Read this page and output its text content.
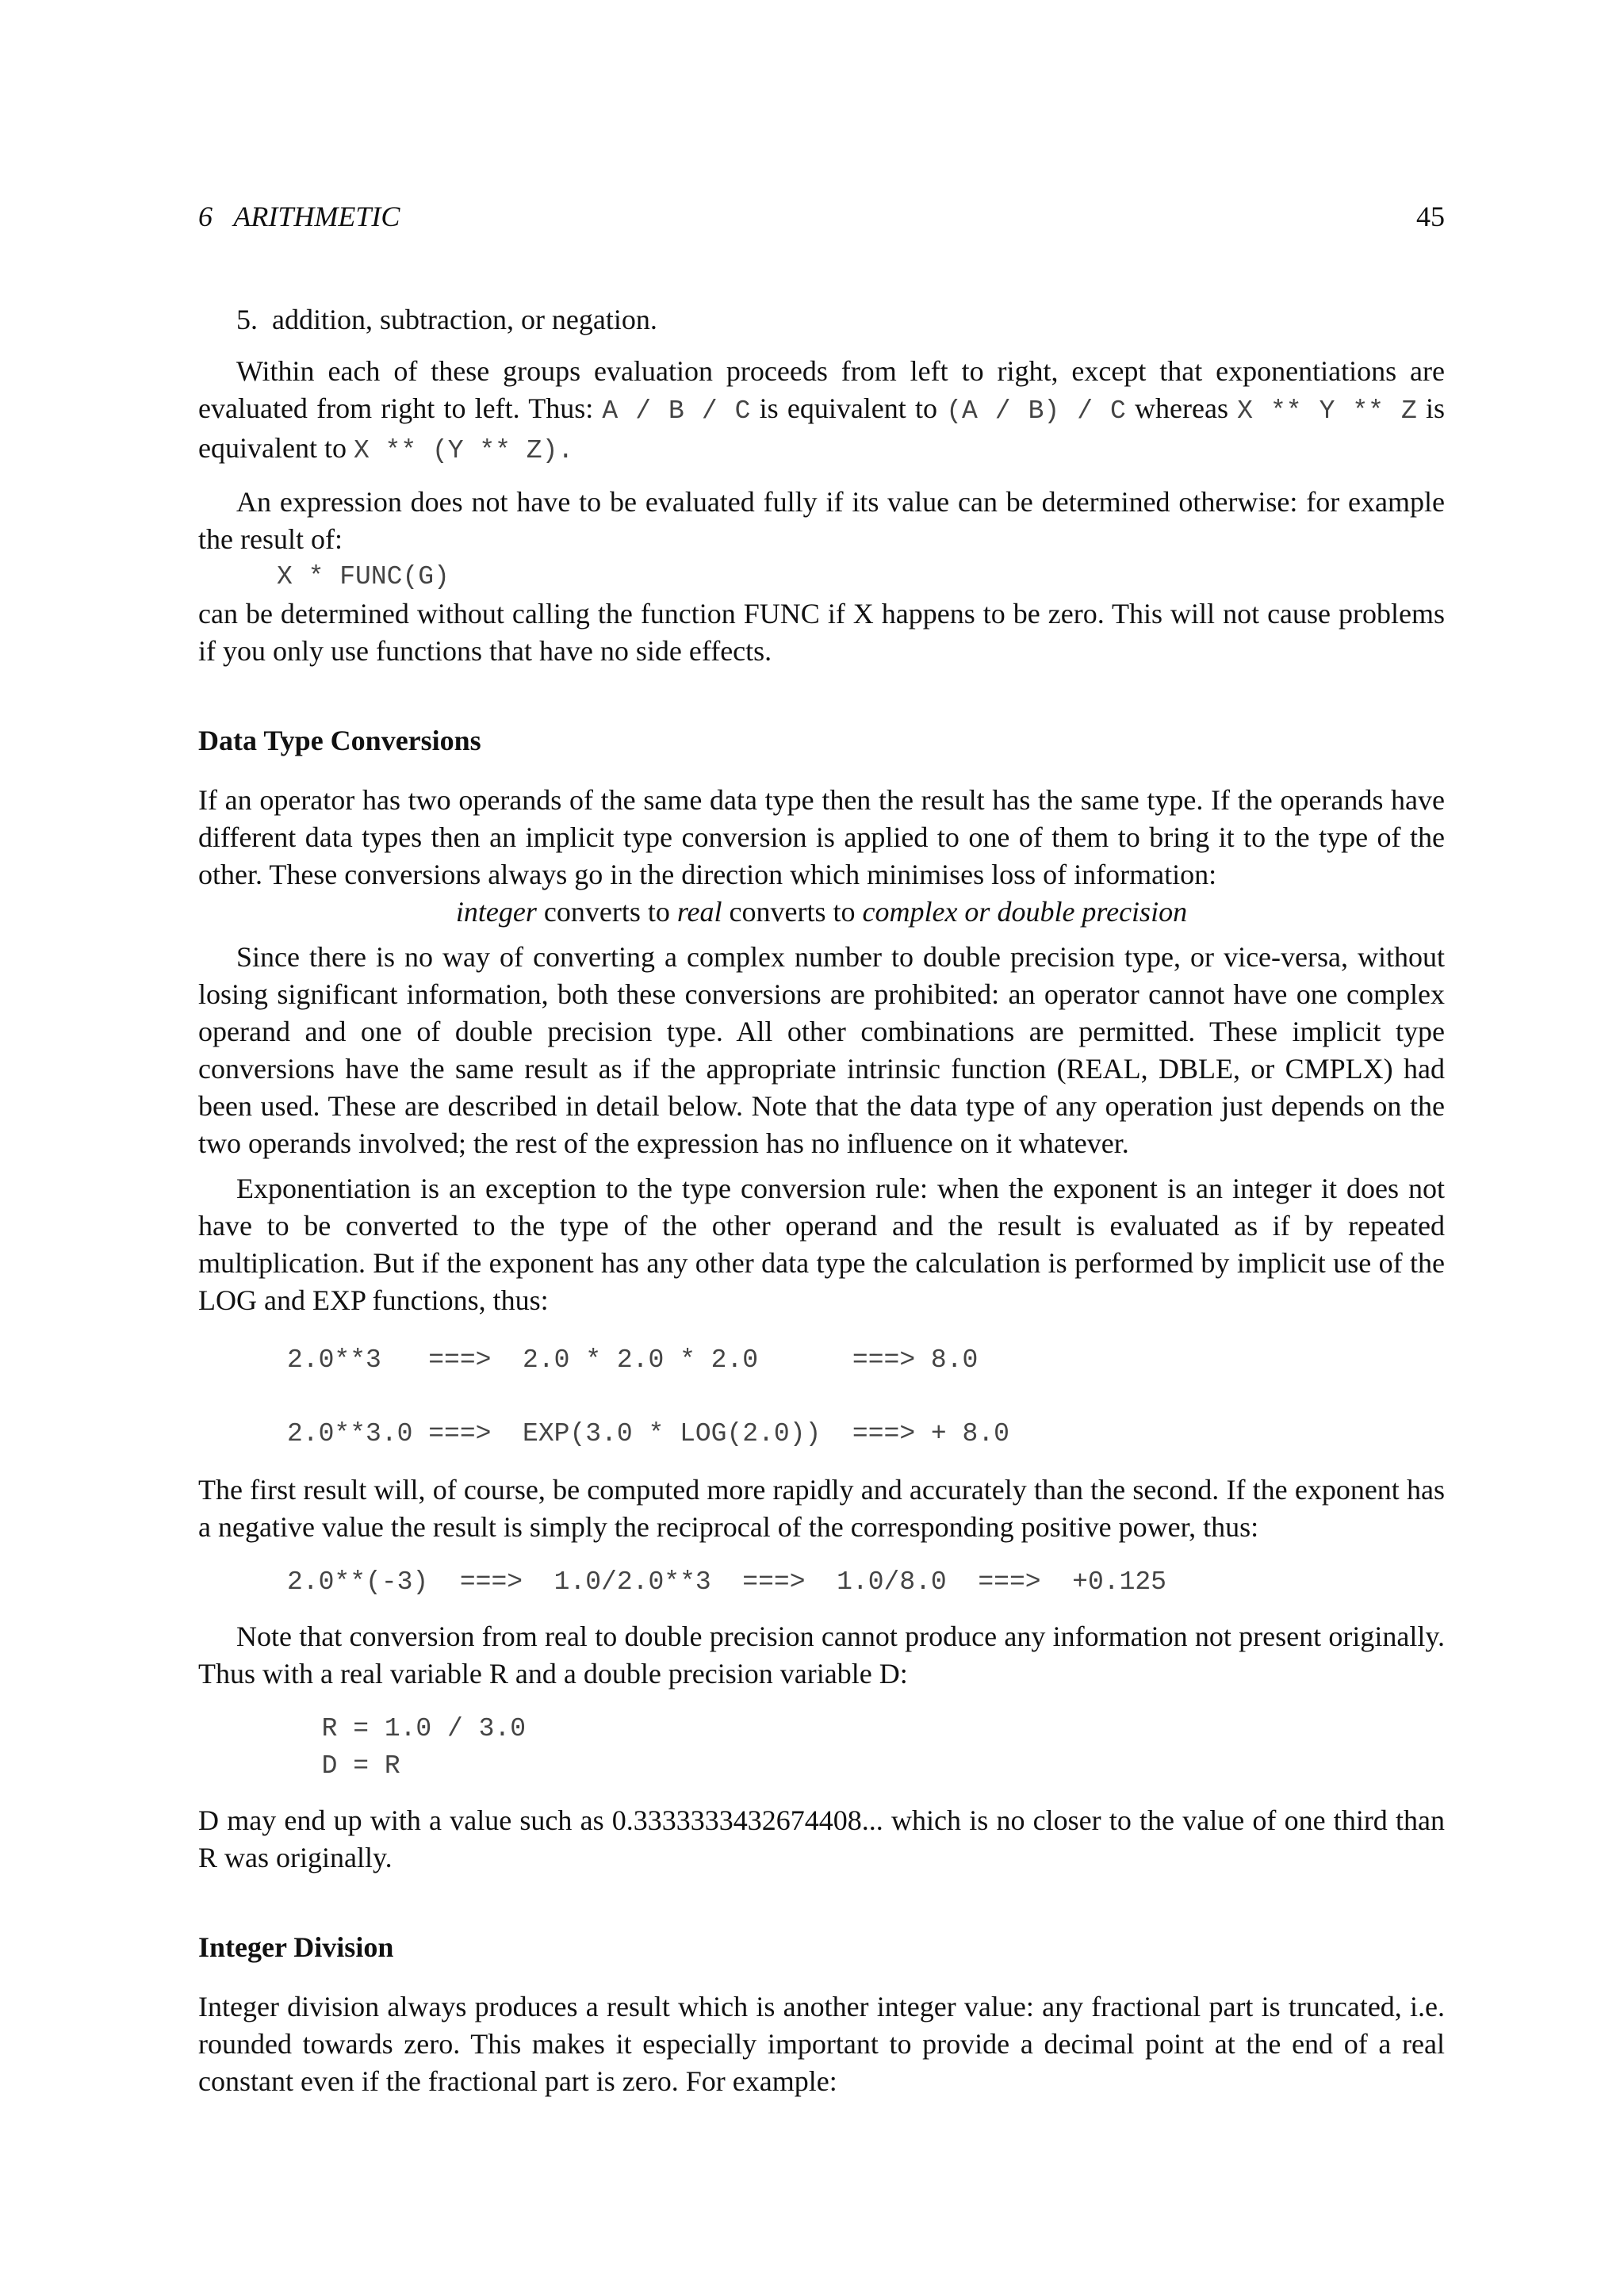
6   ARITHMETIC	45

5.  addition, subtraction, or negation.

Within each of these groups evaluation proceeds from left to right, except that exponentiations are evaluated from right to left. Thus: A / B / C is equivalent to (A / B) / C whereas X ** Y ** Z is equivalent to X ** (Y ** Z).

An expression does not have to be evaluated fully if its value can be determined otherwise: for example the result of:

X * FUNC(G)

can be determined without calling the function FUNC if X happens to be zero. This will not cause problems if you only use functions that have no side effects.

Data Type Conversions

If an operator has two operands of the same data type then the result has the same type. If the operands have different data types then an implicit type conversion is applied to one of them to bring it to the type of the other. These conversions always go in the direction which minimises loss of information:

integer converts to real converts to complex or double precision

Since there is no way of converting a complex number to double precision type, or vice-versa, without losing significant information, both these conversions are prohibited: an operator cannot have one complex operand and one of double precision type. All other combinations are permitted. These implicit type conversions have the same result as if the appropriate intrinsic function (REAL, DBLE, or CMPLX) had been used. These are described in detail below. Note that the data type of any operation just depends on the two operands involved; the rest of the expression has no influence on it whatever.

Exponentiation is an exception to the type conversion rule: when the exponent is an integer it does not have to be converted to the type of the other operand and the result is evaluated as if by repeated multiplication. But if the exponent has any other data type the calculation is performed by implicit use of the LOG and EXP functions, thus:

2.0**3   ===>  2.0 * 2.0 * 2.0      ===> 8.0
2.0**3.0 ===>  EXP(3.0 * LOG(2.0))  ===> + 8.0

The first result will, of course, be computed more rapidly and accurately than the second. If the exponent has a negative value the result is simply the reciprocal of the corresponding positive power, thus:

2.0**(-3)  ===>  1.0/2.0**3  ===>  1.0/8.0  ===>  +0.125

Note that conversion from real to double precision cannot produce any information not present originally. Thus with a real variable R and a double precision variable D:

R = 1.0 / 3.0
D = R

D may end up with a value such as 0.3333333432674408... which is no closer to the value of one third than R was originally.

Integer Division

Integer division always produces a result which is another integer value: any fractional part is truncated, i.e. rounded towards zero. This makes it especially important to provide a decimal point at the end of a real constant even if the fractional part is zero. For example:
